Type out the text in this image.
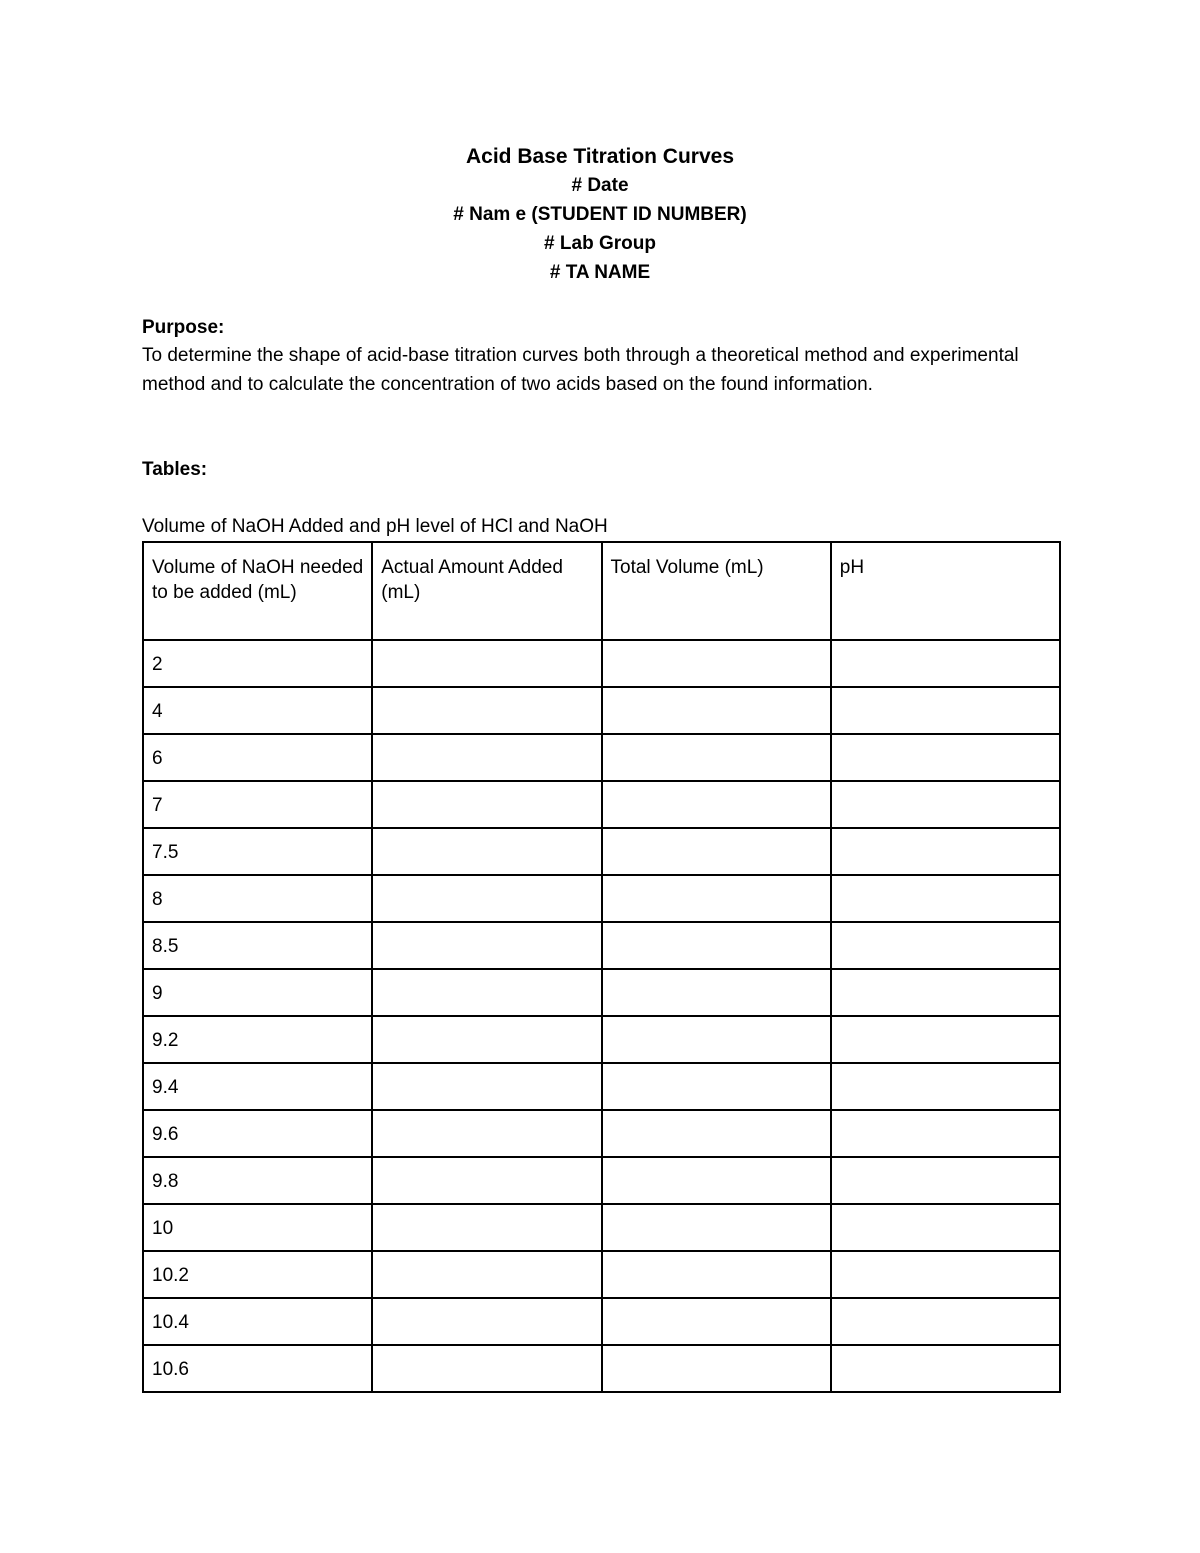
Acid Base Titration Curves
# Date
# Nam e (STUDENT ID NUMBER)
# Lab Group
# TA NAME
Purpose:
To determine the shape of acid-base titration curves both through a theoretical method and experimental method and to calculate the concentration of two acids based on the found information.
Tables:
Volume of NaOH Added and pH level of HCl and NaOH
Volume of NaOH needed to be added (mL)	Actual Amount Added (mL)	Total Volume (mL)	pH
2			
4			
6			
7			
7.5			
8			
8.5			
9			
9.2			
9.4			
9.6			
9.8			
10			
10.2			
10.4			
10.6			
